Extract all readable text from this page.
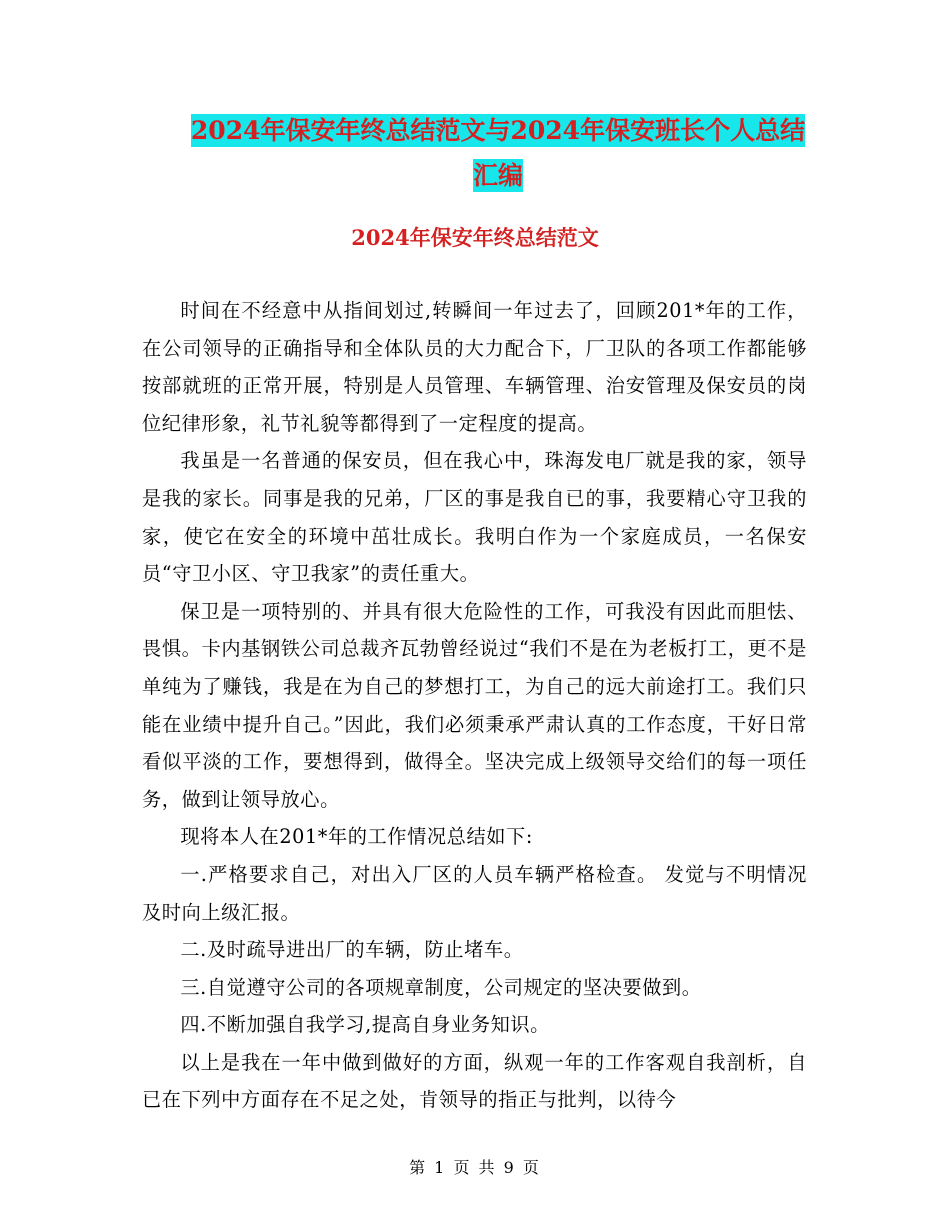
2024年保安年终总结范文与2024年保安班长个人总结
汇编
2024年保安年终总结范文

时间在不经意中从指间划过,转瞬间一年过去了，回顾201*年的工作，在公司领导的正确指导和全体队员的大力配合下，厂卫队的各项工作都能够按部就班的正常开展，特别是人员管理、车辆管理、治安管理及保安员的岗位纪律形象，礼节礼貌等都得到了一定程度的提高。

我虽是一名普通的保安员，但在我心中，珠海发电厂就是我的家，领导是我的家长。同事是我的兄弟，厂区的事是我自已的事，我要精心守卫我的家，使它在安全的环境中茁壮成长。我明白作为一个家庭成员，一名保安员“守卫小区、守卫我家”的责任重大。

保卫是一项特别的、并具有很大危险性的工作，可我没有因此而胆怯、畏惧。卡内基钢铁公司总裁齐瓦勃曾经说过“我们不是在为老板打工，更不是单纯为了赚钱，我是在为自己的梦想打工，为自己的远大前途打工。我们只能在业绩中提升自己。”因此，我们必须秉承严肃认真的工作态度，干好日常看似平淡的工作，要想得到，做得全。坚决完成上级领导交给们的每一项任务，做到让领导放心。

现将本人在201*年的工作情况总结如下:

一.严格要求自己，对出入厂区的人员车辆严格检查。 发觉与不明情况及时向上级汇报。

二.及时疏导进出厂的车辆，防止堵车。

三.自觉遵守公司的各项规章制度，公司规定的坚决要做到。

四.不断加强自我学习,提高自身业务知识。

以上是我在一年中做到做好的方面，纵观一年的工作客观自我剖析，自已在下列中方面存在不足之处，肯领导的指正与批判，以待今

第 1 页 共 9 页
